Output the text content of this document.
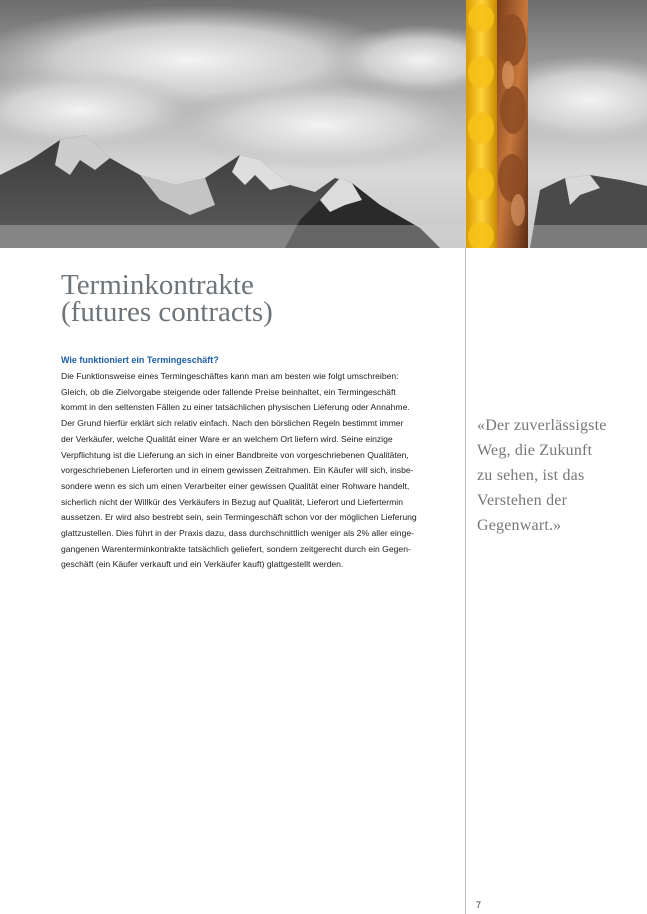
Terminkontrakte
(futures contracts)
Wie funktioniert ein Termingeschäft?
Die Funktionsweise eines Termingeschäftes kann man am besten wie folgt umschreiben:
Gleich, ob die Zielvorgabe steigende oder fallende Preise beinhaltet, ein Termingeschäft
kommt in den seltensten Fällen zu einer tatsächlichen physischen Lieferung oder Annahme.
Der Grund hierfür erklärt sich relativ einfach. Nach den börslichen Regeln bestimmt immer
der Verkäufer, welche Qualität einer Ware er an welchem Ort liefern wird. Seine einzige
Verpflichtung ist die Lieferung an sich in einer Bandbreite von vorgeschriebenen Qualitäten,
vorgeschriebenen Lieferorten und in einem gewissen Zeitrahmen. Ein Käufer will sich, insbe-
sondere wenn es sich um einen Verarbeiter einer gewissen Qualität einer Rohware handelt,
sicherlich nicht der Willkür des Verkäufers in Bezug auf Qualität, Lieferort und Liefertermin
aussetzen. Er wird also bestrebt sein, sein Termingeschäft schon vor der möglichen Lieferung
glattzustellen. Dies führt in der Praxis dazu, dass durchschnittlich weniger als 2% aller einge-
gangenen Warenterminkontrakte tatsächlich geliefert, sondern zeitgerecht durch ein Gegen-
geschäft (ein Käufer verkauft und ein Verkäufer kauft) glattgestellt werden.
«Der zuverlässigste
Weg, die Zukunft
zu sehen, ist das
Verstehen der
Gegenwart.»
7
